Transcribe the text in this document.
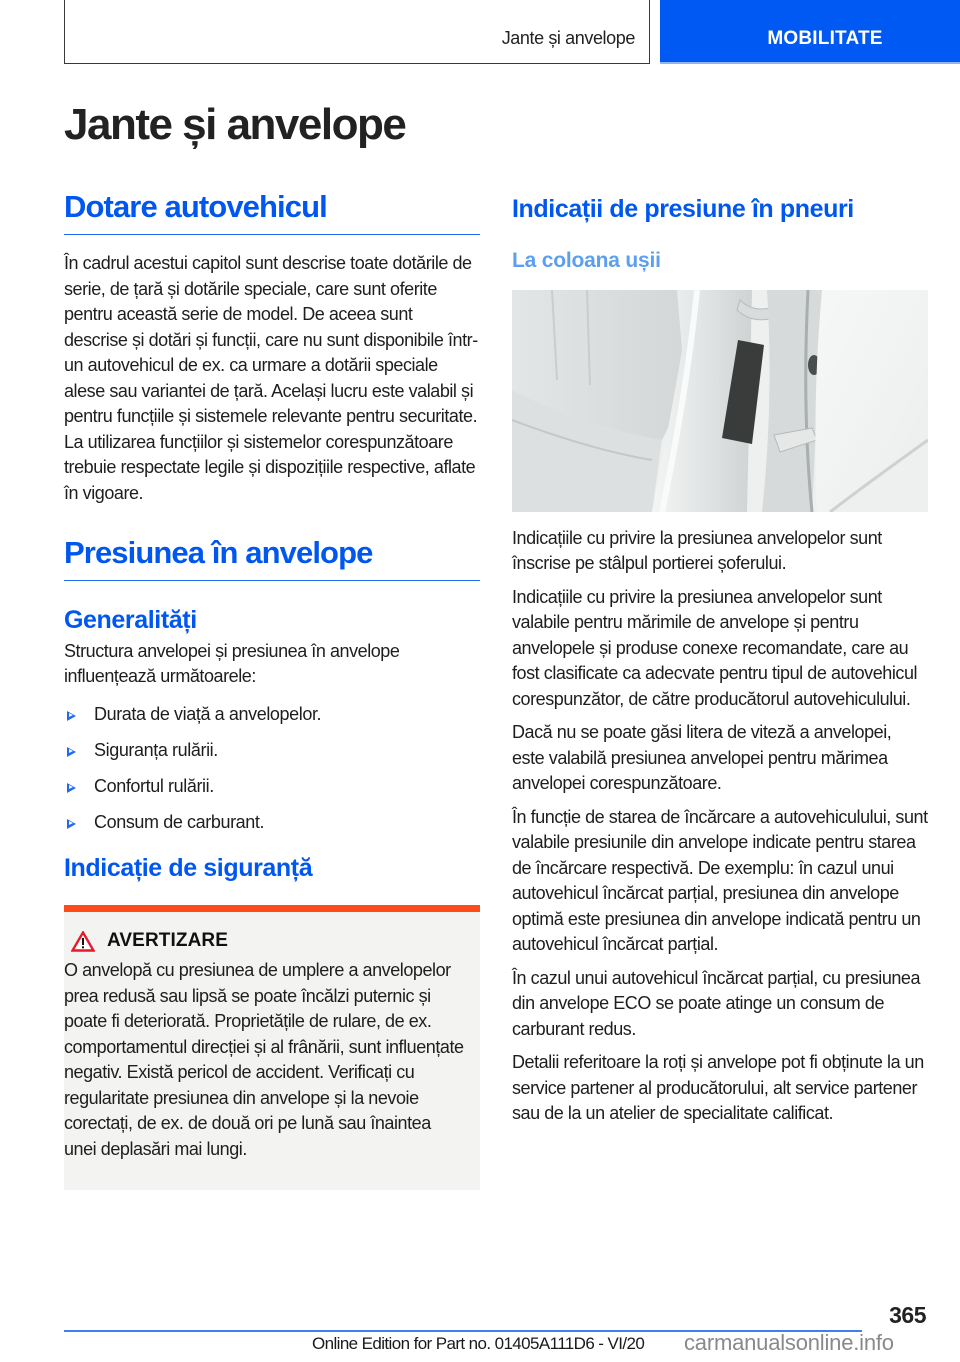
Jante și anvelope	MOBILITATE
Jante și anvelope
Dotare autovehicul

În cadrul acestui capitol sunt descrise toate dotările de serie, de țară și dotările speciale, care sunt oferite pentru această serie de model. De aceea sunt descrise și dotări și funcții, care nu sunt disponibile într-un autovehicul de ex. ca urmare a dotării speciale alese sau variantei de țară. Același lucru este valabil și pentru funcțiile și sistemele relevante pentru securitate. La utilizarea funcțiilor și sistemelor corespunzătoare trebuie respectate legile și dispozițiile respective, aflate în vigoare.

Presiunea în anvelope
Generalități

Structura anvelopei și presiunea în anvelope influențează următoarele:

Durata de viață a anvelopelor.
Siguranța rulării.
Confortul rulării.
Consum de carburant.
Indicație de siguranță
AVERTIZARE

O anvelopă cu presiunea de umplere a anvelopelor prea redusă sau lipsă se poate încălzi puternic și poate fi deteriorată. Proprietățile de rulare, de ex. comportamentul direcției și al frânării, sunt influențate negativ. Există pericol de accident. Verificați cu regularitate presiunea din anvelope și la nevoie corectați, de ex. de două ori pe lună sau înaintea unei deplasări mai lungi.

Indicații de presiune în pneuri
La coloana ușii

Indicațiile cu privire la presiunea anvelopelor sunt înscrise pe stâlpul portierei șoferului.

Indicațiile cu privire la presiunea anvelopelor sunt valabile pentru mărimile de anvelope și pentru anvelopele și produse conexe recomandate, care au fost clasificate ca adecvate pentru tipul de autovehicul corespunzător, de către producătorul autovehiculului.

Dacă nu se poate găsi litera de viteză a anvelopei, este valabilă presiunea anvelopei pentru mărimea anvelopei corespunzătoare.

În funcție de starea de încărcare a autovehiculului, sunt valabile presiunile din anvelope indicate pentru starea de încărcare respectivă. De exemplu: în cazul unui autovehicul încărcat parțial, presiunea din anvelope optimă este presiunea din anvelope indicată pentru un autovehicul încărcat parțial.

În cazul unui autovehicul încărcat parțial, cu presiunea din anvelope ECO se poate atinge un consum de carburant redus.

Detalii referitoare la roți și anvelope pot fi obținute la un service partener al producătorului, alt service partener sau de la un atelier de specialitate calificat.

365
Online Edition for Part no. 01405A111D6 - VI/20 carmanualsonline.info
